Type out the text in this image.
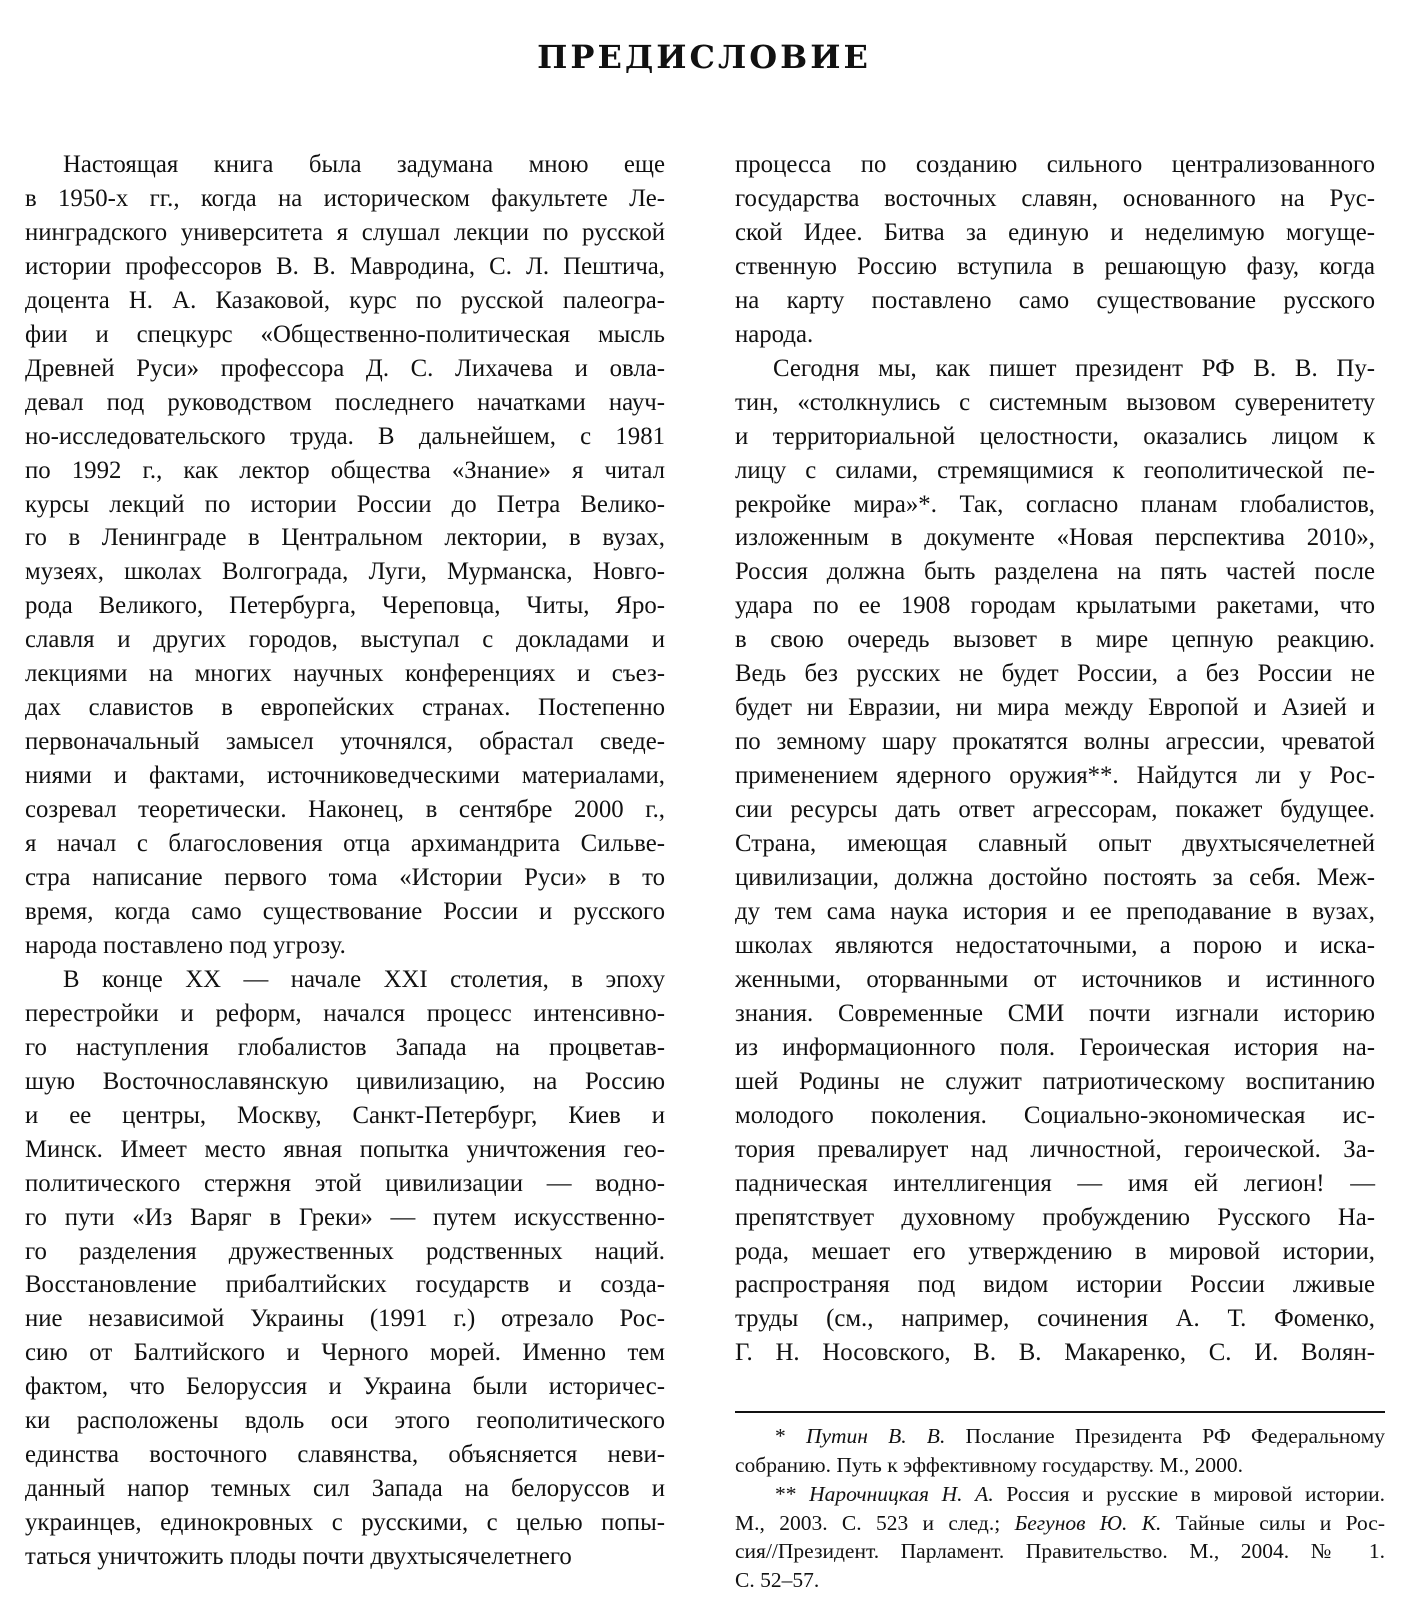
ПРЕДИСЛОВИЕ

Настоящая книга была задумана мною еще

в 1950-х гг., когда на историческом факультете Ле-

нинградского университета я слушал лекции по русской

истории профессоров В. В. Мавродина, С. Л. Пештича,

доцента Н. А. Казаковой, курс по русской палеогра-

фии и спецкурс «Общественно-политическая мысль

Древней Руси» профессора Д. С. Лихачева и овла-

девал под руководством последнего начатками науч-

но-исследовательского труда. В дальнейшем, с 1981

по 1992 г., как лектор общества «Знание» я читал

курсы лекций по истории России до Петра Велико-

го в Ленинграде в Центральном лектории, в вузах,

музеях, школах Волгограда, Луги, Мурманска, Новго-

рода Великого, Петербурга, Череповца, Читы, Яро-

славля и других городов, выступал с докладами и

лекциями на многих научных конференциях и съез-

дах славистов в европейских странах. Постепенно

первоначальный замысел уточнялся, обрастал сведе-

ниями и фактами, источниковедческими материалами,

созревал теоретически. Наконец, в сентябре 2000 г.,

я начал с благословения отца архимандрита Сильве-

стра написание первого тома «Истории Руси» в то

время, когда само существование России и русского

народа поставлено под угрозу.

В конце XX — начале XXI столетия, в эпоху

перестройки и реформ, начался процесс интенсивно-

го наступления глобалистов Запада на процветав-

шую Восточнославянскую цивилизацию, на Россию

и ее центры, Москву, Санкт-Петербург, Киев и

Минск. Имеет место явная попытка уничтожения гео-

политического стержня этой цивилизации — водно-

го пути «Из Варяг в Греки» — путем искусственно-

го разделения дружественных родственных наций.

Восстановление прибалтийских государств и созда-

ние независимой Украины (1991 г.) отрезало Рос-

сию от Балтийского и Черного морей. Именно тем

фактом, что Белоруссия и Украина были историчес-

ки расположены вдоль оси этого геополитического

единства восточного славянства, объясняется неви-

данный напор темных сил Запада на белоруссов и

украинцев, единокровных с русскими, с целью попы-

таться уничтожить плоды почти двухтысячелетнего

процесса по созданию сильного централизованного

государства восточных славян, основанного на Рус-

ской Идее. Битва за единую и неделимую могуще-

ственную Россию вступила в решающую фазу, когда

на карту поставлено само существование русского

народа.

Сегодня мы, как пишет президент РФ В. В. Пу-

тин, «столкнулись с системным вызовом суверенитету

и территориальной целостности, оказались лицом к

лицу с силами, стремящимися к геополитической пе-

рекройке мира»*. Так, согласно планам глобалистов,

изложенным в документе «Новая перспектива 2010»,

Россия должна быть разделена на пять частей после

удара по ее 1908 городам крылатыми ракетами, что

в свою очередь вызовет в мире цепную реакцию.

Ведь без русских не будет России, а без России не

будет ни Евразии, ни мира между Европой и Азией и

по земному шару прокатятся волны агрессии, чреватой

применением ядерного оружия**. Найдутся ли у Рос-

сии ресурсы дать ответ агрессорам, покажет будущее.

Страна, имеющая славный опыт двухтысячелетней

цивилизации, должна достойно постоять за себя. Меж-

ду тем сама наука история и ее преподавание в вузах,

школах являются недостаточными, а порою и иска-

женными, оторванными от источников и истинного

знания. Современные СМИ почти изгнали историю

из информационного поля. Героическая история на-

шей Родины не служит патриотическому воспитанию

молодого поколения. Социально-экономическая ис-

тория превалирует над личностной, героической. За-

падническая интеллигенция — имя ей легион! —

препятствует духовному пробуждению Русского На-

рода, мешает его утверждению в мировой истории,

распространяя под видом истории России лживые

труды (см., например, сочинения А. Т. Фоменко,

Г. Н. Носовского, В. В. Макаренко, С. И. Волян-

* Путин В. В. Послание Президента РФ Федеральному

собранию. Путь к эффективному государству. М., 2000.

** Нарочницкая Н. А. Россия и русские в мировой истории.

М., 2003. С. 523 и след.; Бегунов Ю. К. Тайные силы и Рос-

сия//Президент. Парламент. Правительство. М., 2004. № 1.

С. 52–57.
